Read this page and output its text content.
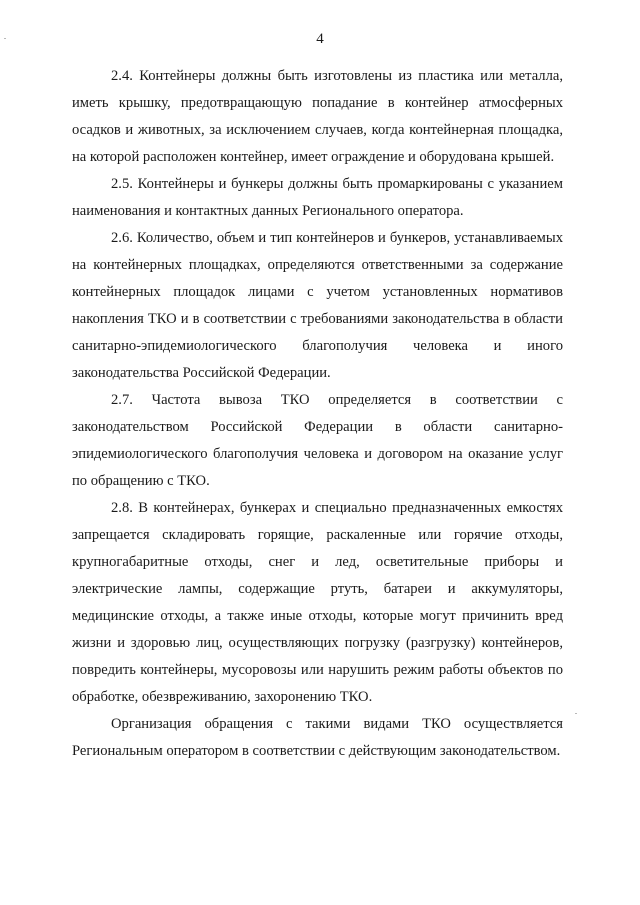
4

2.4. Контейнеры должны быть изготовлены из пластика или металла, иметь крышку, предотвращающую попадание в контейнер атмосферных осадков и животных, за исключением случаев, когда контейнерная площадка, на которой расположен контейнер, имеет ограждение и оборудована крышей.

2.5. Контейнеры и бункеры должны быть промаркированы с указанием наименования и контактных данных Регионального оператора.

2.6. Количество, объем и тип контейнеров и бункеров, устанавливаемых на контейнерных площадках, определяются ответственными за содержание контейнерных площадок лицами с учетом установленных нормативов накопления ТКО и в соответствии с требованиями законодательства в области санитарно-эпидемиологического благополучия человека и иного законодательства Российской Федерации.

2.7. Частота вывоза ТКО определяется в соответствии с законодательством Российской Федерации в области санитарно-эпидемиологического благополучия человека и договором на оказание услуг по обращению с ТКО.

2.8. В контейнерах, бункерах и специально предназначенных емкостях запрещается складировать горящие, раскаленные или горячие отходы, крупногабаритные отходы, снег и лед, осветительные приборы и электрические лампы, содержащие ртуть, батареи и аккумуляторы, медицинские отходы, а также иные отходы, которые могут причинить вред жизни и здоровью лиц, осуществляющих погрузку (разгрузку) контейнеров, повредить контейнеры, мусоровозы или нарушить режим работы объектов по обработке, обезвреживанию, захоронению ТКО.

Организация обращения с такими видами ТКО осуществляется Региональным оператором в соответствии с действующим законодательством.
